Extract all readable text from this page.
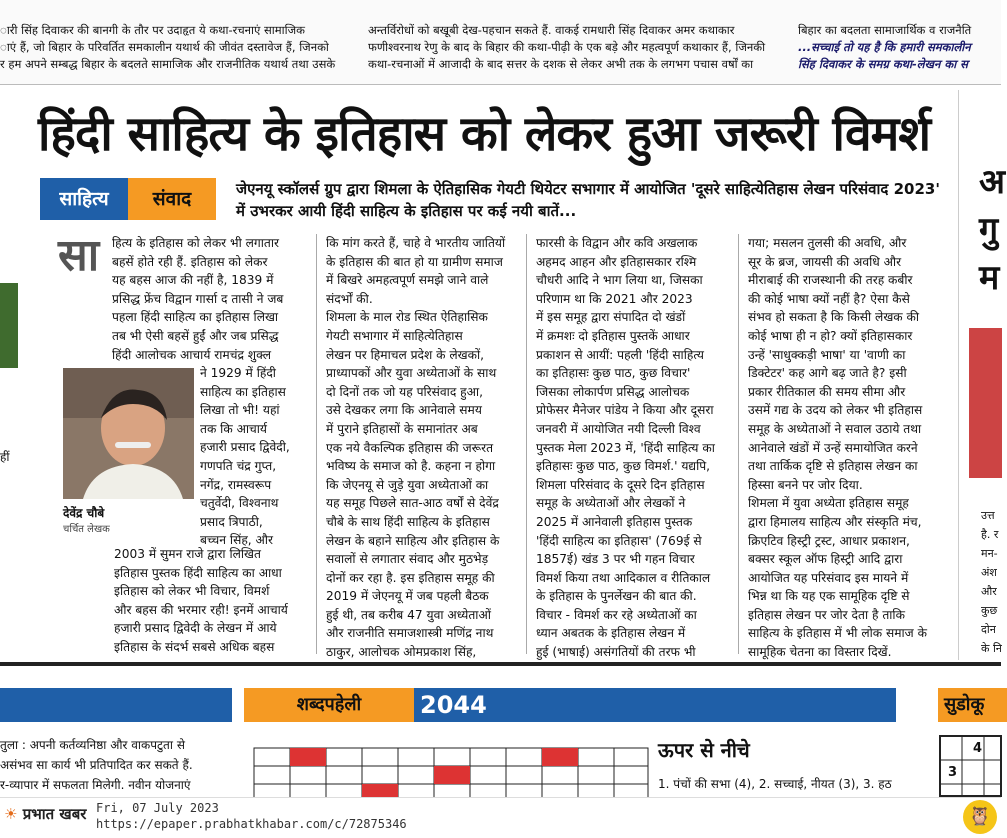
ारी सिंह दिवाकर की बानगी के तौर पर उदाहृत ये कथा-रचनाएं सामाजिक
ाएं हैं, जो बिहार के परिवर्तित समकालीन यथार्थ की जीवंत दस्तावेज हैं, जिनको
र हम अपने सम्बद्ध बिहार के बदलते सामाजिक और राजनीतिक यथार्थ तथा उसके
अन्तर्विरोधों को बखूबी देख-पहचान सकते हैं. वाकई रामधारी सिंह दिवाकर अमर कथाकार
फणीश्वरनाथ रेणु के बाद के बिहार की कथा-पीढ़ी के एक बड़े और महत्वपूर्ण कथाकार हैं, जिनकी
कथा-रचनाओं में आजादी के बाद सत्तर के दशक से लेकर अभी तक के लगभग पचास वर्षों का
बिहार का बदलता सामाजार्थिक व राजनैति
...सच्चाई तो यह है कि हमारी समकालीन
सिंह दिवाकर के समग्र कथा-लेखन का स
हीं
हिंदी साहित्य के इतिहास को लेकर हुआ जरूरी विमर्श
साहित्य	संवाद	जेएनयू स्कॉलर्स ग्रुप द्वारा शिमला के ऐतिहासिक गेयटी थियेटर सभागार में आयोजित 'दूसरे साहित्येतिहास लेखन परिसंवाद 2023' में उभरकर आयी हिंदी साहित्य के इतिहास पर कई नयी बातें...
सा हित्य के इतिहास को लेकर भी लगातार

बहसें होते रही हैं. इतिहास को लेकर

यह बहस आज की नहीं है, 1839 में

प्रसिद्ध फ्रेंच विद्वान गार्सा द तासी ने जब

पहला हिंदी साहित्य का इतिहास लिखा

तब भी ऐसी बहसें हुईं और जब प्रसिद्ध

हिंदी आलोचक आचार्य रामचंद्र शुक्ल

ने 1929 में हिंदी

साहित्य का इतिहास

लिखा तो भी! यहां

तक कि आचार्य

हजारी प्रसाद द्विवेदी,

गणपति चंद्र गुप्त,

नगेंद्र, रामस्वरूप

चतुर्वेदी, विश्वनाथ

प्रसाद त्रिपाठी,

बच्चन सिंह, और

देवेंद्र चौबे
चर्चित लेखक

2003 में सुमन राजे द्वारा लिखित

इतिहास पुस्तक हिंदी साहित्य का आधा

इतिहास को लेकर भी विचार, विमर्श

और बहस की भरमार रही! इनमें आचार्य

हजारी प्रसाद द्विवेदी के लेखन में आये

इतिहास के संदर्भ सबसे अधिक बहस

कि मांग करते हैं, चाहे वे भारतीय जातियों

के इतिहास की बात हो या ग्रामीण समाज

में बिखरे अमहत्वपूर्ण समझे जाने वाले

संदर्भों की.

शिमला के माल रोड स्थित ऐतिहासिक

गेयटी सभागार में साहित्येतिहास

लेखन पर हिमाचल प्रदेश के लेखकों,

प्राध्यापकों और युवा अध्येताओं के साथ

दो दिनों तक जो यह परिसंवाद हुआ,

उसे देखकर लगा कि आनेवाले समय

में पुराने इतिहासों के समानांतर अब

एक नये वैकल्पिक इतिहास की जरूरत

भविष्य के समाज को है. कहना न होगा

कि जेएनयू से जुड़े युवा अध्येताओं का

यह समूह पिछले सात-आठ वर्षों से देवेंद्र

चौबे के साथ हिंदी साहित्य के इतिहास

लेखन के बहाने साहित्य और इतिहास के

सवालों से लगातार संवाद और मुठभेड़

दोनों कर रहा है. इस इतिहास समूह की

2019 में जेएनयू में जब पहली बैठक

हुई थी, तब करीब 47 युवा अध्येताओं

और राजनीति समाजशास्त्री मणिंद्र नाथ

ठाकुर, आलोचक ओमप्रकाश सिंह,

फारसी के विद्वान और कवि अखलाक

अहमद आहन और इतिहासकार रश्मि

चौधरी आदि ने भाग लिया था, जिसका

परिणाम था कि 2021 और 2023

में इस समूह द्वारा संपादित दो खंडों

में क्रमशः दो इतिहास पुस्तकें आधार

प्रकाशन से आयीं: पहली 'हिंदी साहित्य

का इतिहासः कुछ पाठ, कुछ विचार'

जिसका लोकार्पण प्रसिद्ध आलोचक

प्रोफेसर मैनेजर पांडेय ने किया और दूसरा

जनवरी में आयोजित नयी दिल्ली विश्व

पुस्तक मेला 2023 में, 'हिंदी साहित्य का

इतिहासः कुछ पाठ, कुछ विमर्श.' यद्यपि,

शिमला परिसंवाद के दूसरे दिन इतिहास

समूह के अध्येताओं और लेखकों ने

2025 में आनेवाली इतिहास पुस्तक

'हिंदी साहित्य का इतिहास' (769ई से

1857ई) खंड 3 पर भी गहन विचार

विमर्श किया तथा आदिकाल व रीतिकाल

के इतिहास के पुनर्लेखन की बात की.

विचार - विमर्श कर रहे अध्येताओं का

ध्यान अबतक के इतिहास लेखन में

हुई (भाषाई) असंगतियों की तरफ भी

गया; मसलन तुलसी की अवधि, और

सूर के ब्रज, जायसी की अवधि और

मीराबाई की राजस्थानी की तरह कबीर

की कोई भाषा क्यों नहीं है? ऐसा कैसे

संभव हो सकता है कि किसी लेखक की

कोई भाषा ही न हो? क्यों इतिहासकार

उन्हें 'साधुक्कड़ी भाषा' या 'वाणी का

डिक्टेटर' कह आगे बढ़ जाते है? इसी

प्रकार रीतिकाल की समय सीमा और

उसमें गद्य के उदय को लेकर भी इतिहास

समूह के अध्येताओं ने सवाल उठाये तथा

आनेवाले खंडों में उन्हें समायोजित करने

तथा तार्किक दृष्टि से इतिहास लेखन का

हिस्सा बनने पर जोर दिया.

शिमला में युवा अध्येता इतिहास समूह

द्वारा हिमालय साहित्य और संस्कृति मंच,

क्रिएटिव हिस्ट्री ट्रस्ट, आधार प्रकाशन,

बक्सर स्कूल ऑफ हिस्ट्री आदि द्वारा

आयोजित यह परिसंवाद इस मायने में

भिन्न था कि यह एक सामूहिक दृष्टि से

इतिहास लेखन पर जोर देता है ताकि

साहित्य के इतिहास में भी लोक समाज के

सामूहिक चेतना का विस्तार दिखें.

अ
गु
म
उत्त
है. र
मन-
अंश
और
कुछ
दोन
के नि
तुला : अपनी कर्तव्यनिष्ठा और वाकपटुता से
असंभव सा कार्य भी प्रतिपादित कर सकते हैं.
र-व्यापार में सफलता मिलेगी. नवीन योजनाएं
शब्दपहेली	2044
ऊपर से नीचे
1. पंचों की सभा (4), 2. सच्चाई, नीयत (3), 3. हठ
सुडोकू
4
3
☀ प्रभात खबर Fri, 07 July 2023
https://epaper.prabhatkhabar.com/c/72875346	🦉
